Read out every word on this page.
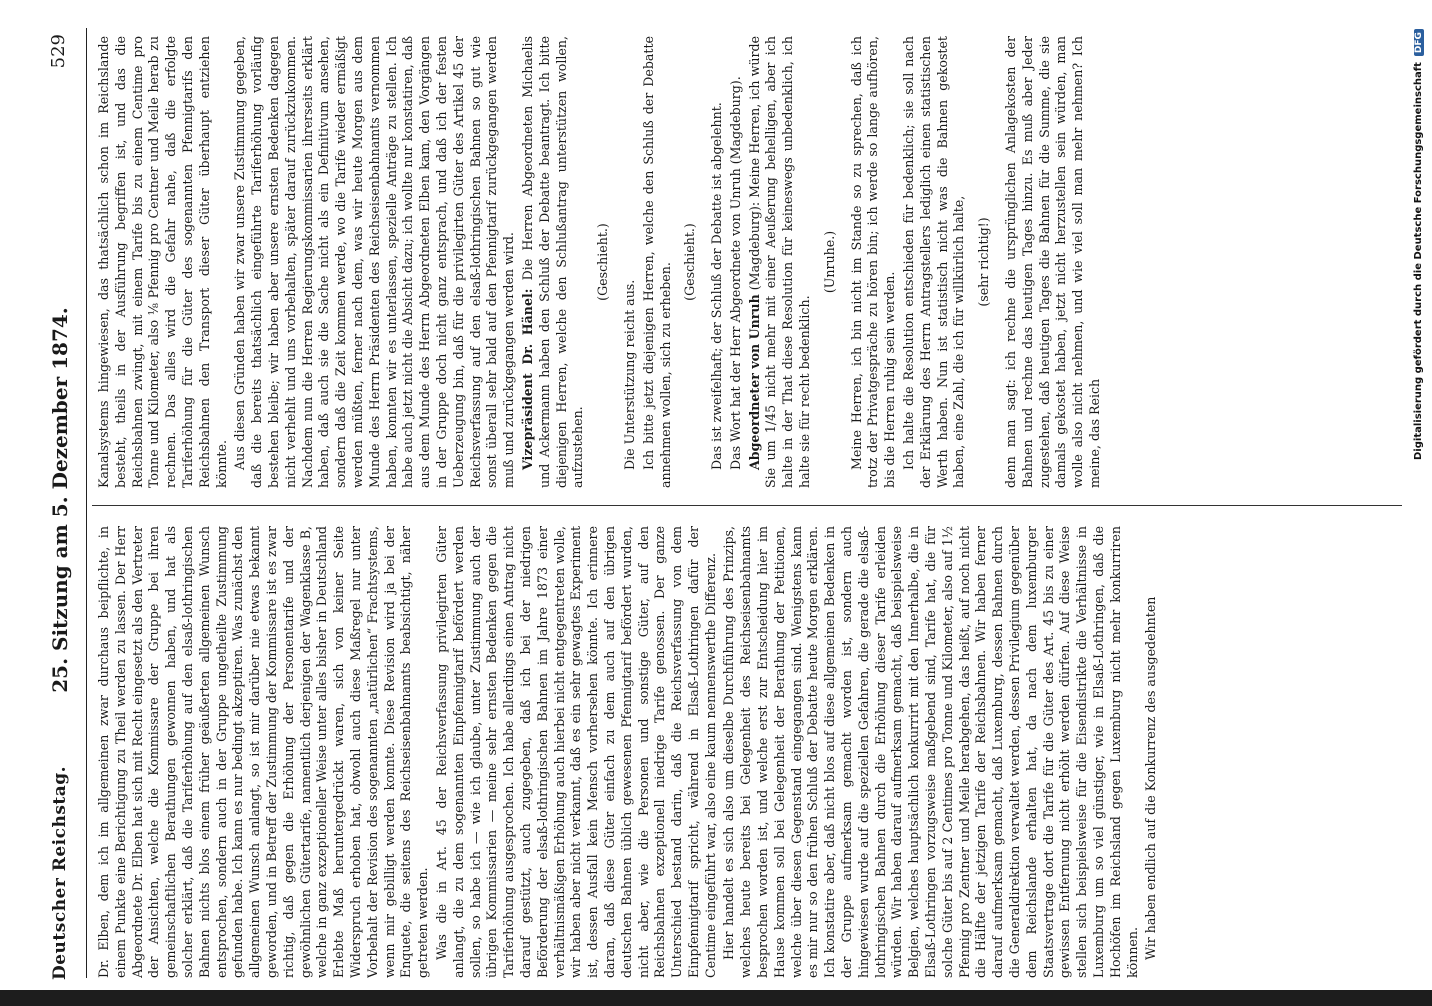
Deutscher Reichstag.
25. Sitzung am 5. Dezember 1874.
529

Dr. Elben, dem ich im allgemeinen zwar durchaus beipflichte, in einem Punkte eine Berichtigung zu Theil werden zu lassen. Der Herr Abgeordnete Dr. Elben hat sich mit Recht eingesetzt als den Vertreter der Ansichten, welche die Kommissare der Gruppe bei ihren gemeinschaftlichen Berathungen gewonnen haben, und hat als solcher erklärt, daß die Tariferhöhung auf den elsaß-lothringischen Bahnen nichts blos einem früher geäußerten allgemeinen Wunsch entsprochen, sondern auch in der Gruppe ungetheilte Zustimmung gefunden habe. Ich kann es nur bedingt akzeptiren. Was zunächst den allgemeinen Wunsch anlangt, so ist mir darüber nie etwas bekannt geworden, und in Betreff der Zustimmung der Kommissare ist es zwar richtig, daß gegen die Erhöhung der Personentarife und der gewöhnlichen Gütertarife, namentlich derjenigen der Wagenklasse B, welche in ganz exzeptioneller Weise unter alles bisher in Deutschland Erlebte Maß heruntergedrückt waren, sich von keiner Seite Widerspruch erhoben hat, obwohl auch diese Maßregel nur unter Vorbehalt der Revision des sogenannten „natürlichen“ Frachtsystems, wenn mir gebilligt werden konnte. Diese Revision wird ja bei der Enquete, die seitens des Reichseisenbahnamts beabsichtigt, näher getreten werden. Was die in Art. 45 der Reichsverfassung privilegirten Güter anlangt, die zu dem sogenannten Einpfennigtarif befördert werden sollen, so habe ich — wie ich glaube, unter Zustimmung auch der übrigen Kommissarien — meine sehr ernsten Bedenken gegen die Tariferhöhung ausgesprochen. Ich habe allerdings einen Antrag nicht darauf gestützt, auch zugegeben, daß ich bei der niedrigen Beförderung der elsaß-lothringischen Bahnen im Jahre 1873 einer verhältnismäßigen Erhöhung auch hierbei nicht entgegentreten wolle, wir haben aber nicht verkannt, daß es ein sehr gewagtes Experiment ist, dessen Ausfall kein Mensch vorhersehen könnte. Ich erinnere daran, daß diese Güter einfach zu dem auch auf den übrigen deutschen Bahnen üblich gewesenen Pfennigtarif befördert wurden, nicht aber, wie die Personen und sonstige Güter, auf den Reichsbahnen exzeptionell niedrige Tarife genossen. Der ganze Unterschied bestand darin, daß die Reichsverfassung von dem Einpfennigtarif spricht, während in Elsaß-Lothringen dafür der Centime eingeführt war, also eine kaum nennenswerthe Differenz. Hier handelt es sich also um dieselbe Durchführung des Prinzips, welches heute bereits bei Gelegenheit des Reichseisenbahnamts besprochen worden ist, und welche erst zur Entscheidung hier im Hause kommen soll bei Gelegenheit der Berathung der Petitionen, welche über diesen Gegenstand eingegangen sind. Wenigstens kann es mir nur so den frühen Schluß der Debatte heute Morgen erklären. Ich konstatire aber, daß nicht blos auf diese allgemeinen Bedenken in der Gruppe aufmerksam gemacht worden ist, sondern auch hingewiesen wurde auf die speziellen Gefahren, die gerade die elsaß-lothringischen Bahnen durch die Erhöhung dieser Tarife erleiden würden. Wir haben darauf aufmerksam gemacht, daß beispielsweise Belgien, welches hauptsächlich konkurrirt mit den Innerhalbe, die in Elsaß-Lothringen vorzugsweise maßgebend sind, Tarife hat, die für solche Güter bis auf 2 Centimes pro Tonne und Kilometer, also auf 1½ Pfennig pro Zentner und Meile herabgehen, das heißt, auf noch nicht die Hälfte der jetzigen Tarife der Reichsbahnen. Wir haben ferner darauf aufmerksam gemacht, daß Luxemburg, dessen Bahnen durch die Generaldirektion verwaltet werden, dessen Privilegium gegenüber dem Reichslande erhalten hat, da nach dem luxemburger Staatsvertrage dort die Tarife für die Güter des Art. 45 bis zu einer gewissen Entfernung nicht erhöht werden dürfen. Auf diese Weise stellen sich beispielsweise für die Eisendistrikte die Verhältnisse in Luxemburg um so viel günstiger, wie in Elsaß-Lothringen, daß die Hochöfen im Reichsland gegen Luxemburg nicht mehr konkurriren können. Wir haben endlich auf die Konkurrenz des ausgedehnten

Kanalsystems hingewiesen, das thatsächlich schon im Reichslande besteht, theils in der Ausführung begriffen ist, und das die Reichsbahnen zwingt, mit einem Tarife bis zu einem Centime pro Tonne und Kilometer, also ⅛ Pfennig pro Centner und Meile herab zu rechnen. Das alles wird die Gefahr nahe, daß die erfolgte Tariferhöhung für die Güter des sogenannten Pfennigtarifs den Reichsbahnen den Transport dieser Güter überhaupt entziehen könnte. Aus diesen Gründen haben wir zwar unsere Zustimmung gegeben, daß die bereits thatsächlich eingeführte Tariferhöhung vorläufig bestehen bleibe; wir haben aber unsere ernsten Bedenken dagegen nicht verhehlt und uns vorbehalten, später darauf zurückzukommen. Nachdem nun die Herren Regierungskommissarien ihrerseits erklärt haben, daß auch sie die Sache nicht als ein Definitivum ansehen, sondern daß die Zeit kommen werde, wo die Tarife wieder ermäßigt werden müßten, ferner nach dem, was wir heute Morgen aus dem Munde des Herrn Präsidenten des Reichseisenbahnamts vernommen haben, konnten wir es unterlassen, spezielle Anträge zu stellen. Ich habe auch jetzt nicht die Absicht dazu; ich wollte nur konstatiren, daß aus dem Munde des Herrn Abgeordneten Elben kam, den Vorgängen in der Gruppe doch nicht ganz entsprach, und daß ich der festen Ueberzeugung bin, daß für die privilegirten Güter des Artikel 45 der Reichsverfassung auf den elsaß-lothringischen Bahnen so gut wie sonst überall sehr bald auf den Pfennigtarif zurückgegangen werden muß und zurückgegangen werden wird. Vizepräsident Dr. Hänel: Die Herren Abgeordneten Michaelis und Ackermann haben den Schluß der Debatte beantragt. Ich bitte diejenigen Herren, welche den Schlußantrag unterstützen wollen, aufzustehen.

(Geschieht.)

Die Unterstützung reicht aus. Ich bitte jetzt diejenigen Herren, welche den Schluß der Debatte annehmen wollen, sich zu erheben.

(Geschieht.) Das ist zweifelhaft; der Schluß der Debatte ist abgelehnt. Das Wort hat der Herr Abgeordnete von Unruh (Magdeburg). Abgeordneter von Unruh (Magdeburg): Meine Herren, ich würde Sie um 1/45 nicht mehr mit einer Aeußerung behelligen, aber ich halte in der That diese Resolution für keineswegs unbedenklich, ich halte sie für recht bedenklich.

(Unruhe.) Meine Herren, ich bin nicht im Stande so zu sprechen, daß ich trotz der Privatgespräche zu hören bin; ich werde so lange aufhören, bis die Herren ruhig sein werden. Ich halte die Resolution entschieden für bedenklich; sie soll nach der Erklärung des Herrn Antragstellers lediglich einen statistischen Werth haben. Nun ist statistisch nicht was die Bahnen gekostet haben, eine Zahl, die ich für willkürlich halte, (sehr richtig!) denn man sagt: ich rechne die ursprünglichen Anlagekosten der Bahnen und rechne das heutigen Tages hinzu. Es muß aber Jeder zugestehen, daß heutigen Tages die Bahnen für die Summe, die sie damals gekostet haben, jetzt nicht herzustellen sein würden, man wolle also nicht nehmen, und wie viel soll man mehr nehmen? Ich meine, das Reich	Digitalisierung gefördert durch die Deutsche ForschungsgemeinschaftDFG
